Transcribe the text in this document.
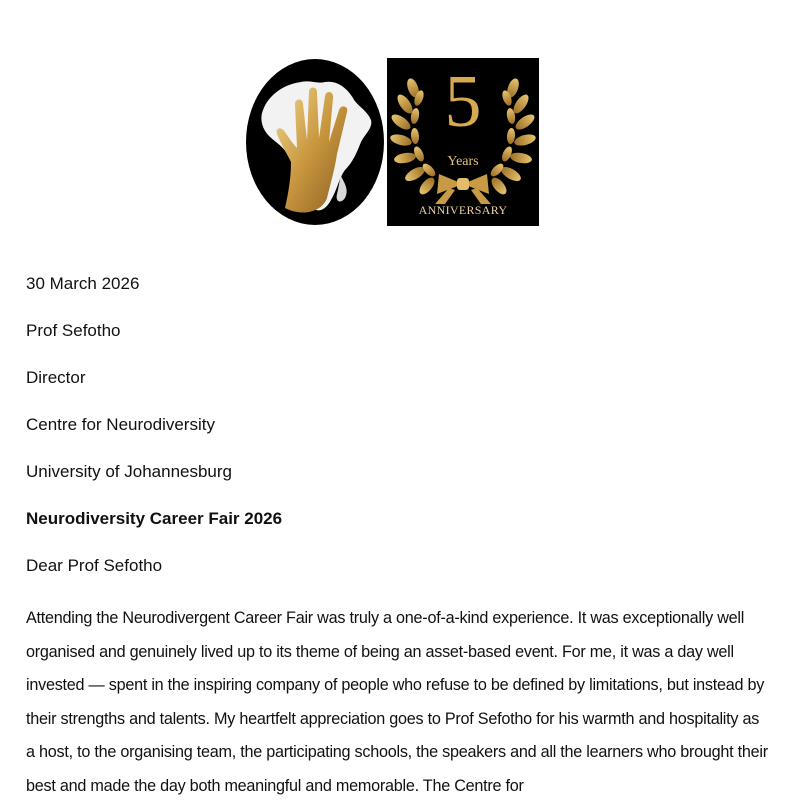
5
Years
ANNIVERSARY
30 March 2026
Prof Sefotho
Director
Centre for Neurodiversity
University of Johannesburg
Neurodiversity Career Fair 2026
Dear Prof Sefotho

Attending the Neurodivergent Career Fair was truly a one-of-a-kind experience. It was exceptionally well organised and genuinely lived up to its theme of being an asset-based event. For me, it was a day well invested — spent in the inspiring company of people who refuse to be defined by limitations, but instead by their strengths and talents. My heartfelt appreciation goes to Prof Sefotho for his warmth and hospitality as a host, to the organising team, the participating schools, the speakers and all the learners who brought their best and made the day both meaningful and memorable. The Centre for
